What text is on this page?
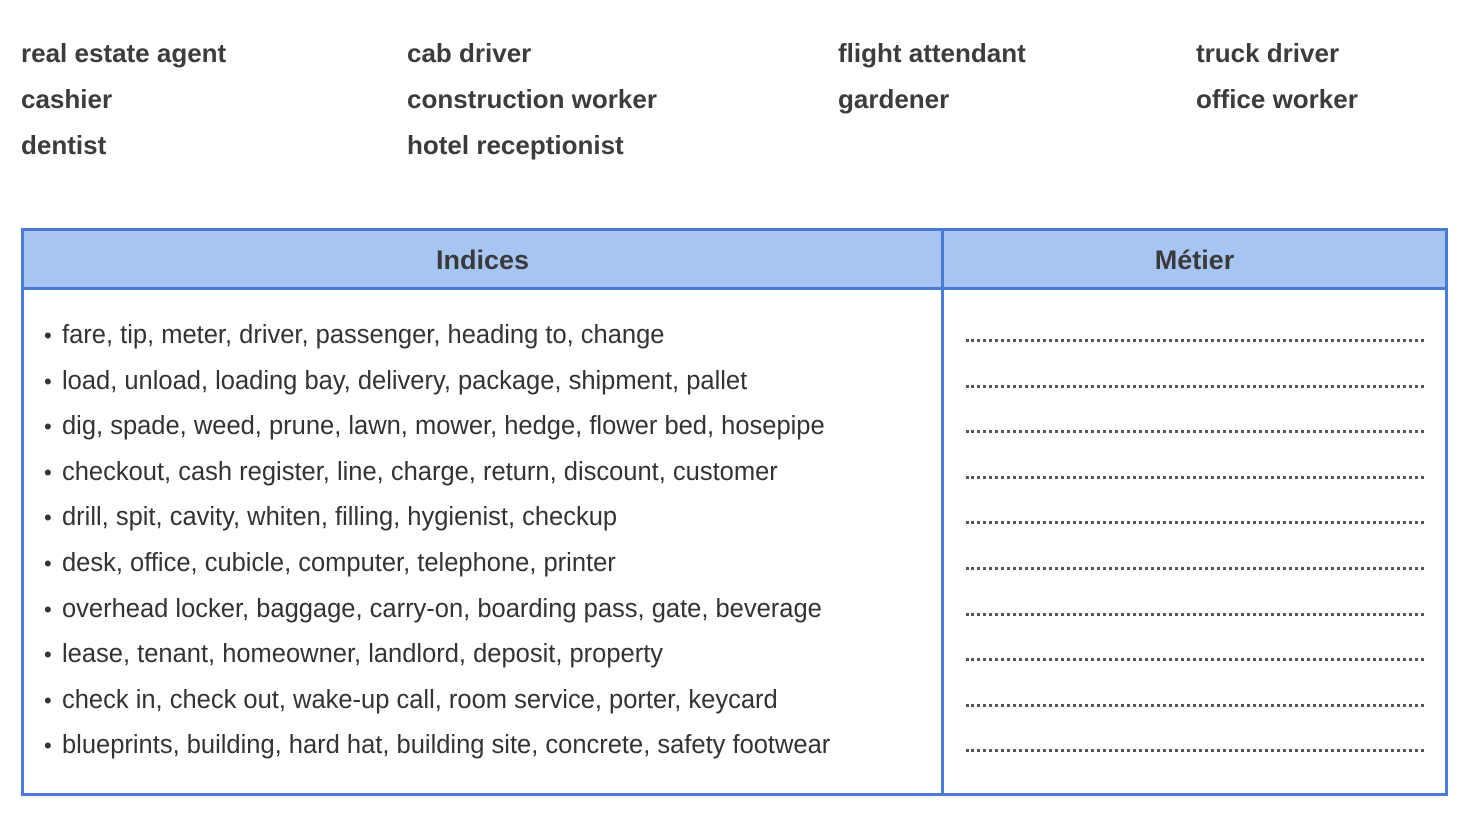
real estate agent
cashier
dentist
cab driver
construction worker
hotel receptionist
flight attendant
gardener
truck driver
office worker
Indices	Métier
• fare, tip, meter, driver, passenger, heading to, change
• load, unload, loading bay, delivery, package, shipment, pallet
• dig, spade, weed, prune, lawn, mower, hedge, flower bed, hosepipe
• checkout, cash register, line, charge, return, discount, customer
• drill, spit, cavity, whiten, filling, hygienist, checkup
• desk, office, cubicle, computer, telephone, printer
• overhead locker, baggage, carry-on, boarding pass, gate, beverage
• lease, tenant, homeowner, landlord, deposit, property
• check in, check out, wake-up call, room service, porter, keycard
• blueprints, building, hard hat, building site, concrete, safety footwear
